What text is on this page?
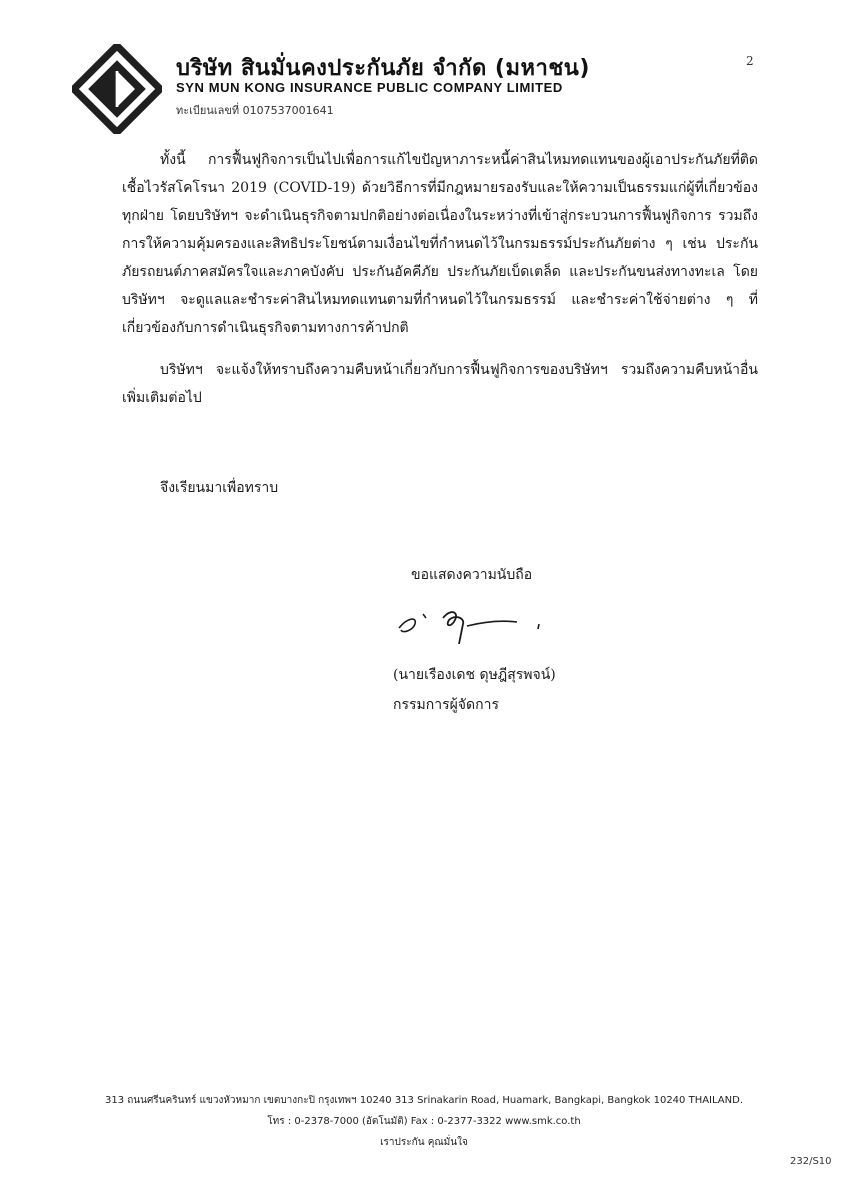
บริษัท สินมั่นคงประกันภัย จำกัด (มหาชน)
SYN MUN KONG INSURANCE PUBLIC COMPANY LIMITED
ทะเบียนเลขที่ 0107537001641
2

ทั้งนี้ การฟื้นฟูกิจการเป็นไปเพื่อการแก้ไขปัญหาภาระหนี้ค่าสินไหมทดแทนของผู้เอาประกันภัยที่ติดเชื้อไวรัสโคโรนา 2019 (COVID-19) ด้วยวิธีการที่มีกฎหมายรองรับและให้ความเป็นธรรมแก่ผู้ที่เกี่ยวข้องทุกฝ่าย โดยบริษัทฯ จะดำเนินธุรกิจตามปกติอย่างต่อเนื่องในระหว่างที่เข้าสู่กระบวนการฟื้นฟูกิจการ รวมถึงการให้ความคุ้มครองและสิทธิประโยชน์ตามเงื่อนไขที่กำหนดไว้ในกรมธรรม์ประกันภัยต่าง ๆ เช่น ประกันภัยรถยนต์ภาคสมัครใจและภาคบังคับ ประกันอัคคีภัย ประกันภัยเบ็ดเตล็ด และประกันขนส่งทางทะเล โดยบริษัทฯ จะดูแลและชำระค่าสินไหมทดแทนตามที่กำหนดไว้ในกรมธรรม์ และชำระค่าใช้จ่ายต่าง ๆ ที่เกี่ยวข้องกับการดำเนินธุรกิจตามทางการค้าปกติ

บริษัทฯ จะแจ้งให้ทราบถึงความคืบหน้าเกี่ยวกับการฟื้นฟูกิจการของบริษัทฯ รวมถึงความคืบหน้าอื่นเพิ่มเติมต่อไป

จึงเรียนมาเพื่อทราบ

ขอแสดงความนับถือ
(นายเรืองเดช ดุษฎีสุรพจน์)
กรรมการผู้จัดการ
313 ถนนศรีนครินทร์ แขวงหัวหมาก เขตบางกะปิ กรุงเทพฯ 10240 313 Srinakarin Road, Huamark, Bangkapi, Bangkok 10240 THAILAND.
โทร : 0-2378-7000 (อัตโนมัติ) Fax : 0-2377-3322 www.smk.co.th
เราประกัน คุณมั่นใจ
232/S10
